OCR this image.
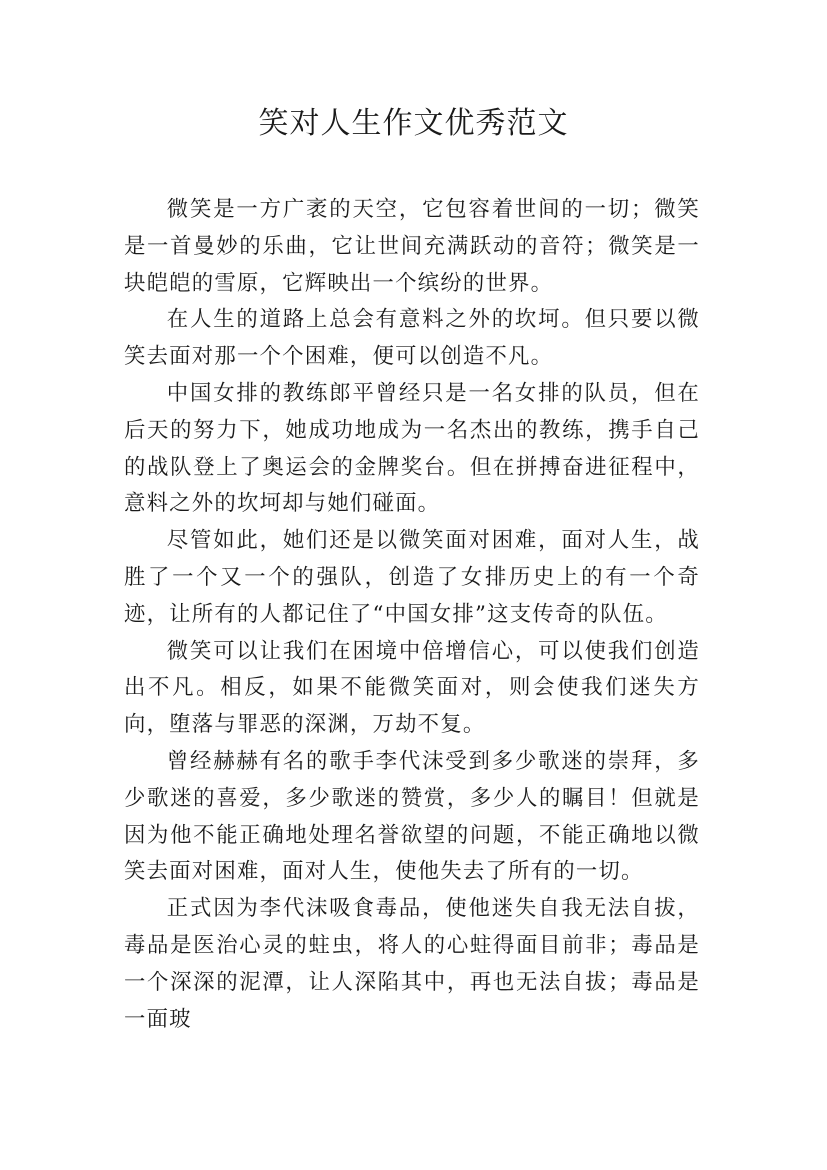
笑对人生作文优秀范文

微笑是一方广袤的天空，它包容着世间的一切；微笑是一首曼妙的乐曲，它让世间充满跃动的音符；微笑是一块皑皑的雪原，它辉映出一个缤纷的世界。

在人生的道路上总会有意料之外的坎坷。但只要以微笑去面对那一个个困难，便可以创造不凡。

中国女排的教练郎平曾经只是一名女排的队员，但在后天的努力下，她成功地成为一名杰出的教练，携手自己的战队登上了奥运会的金牌奖台。但在拼搏奋进征程中，意料之外的坎坷却与她们碰面。

尽管如此，她们还是以微笑面对困难，面对人生，战胜了一个又一个的强队，创造了女排历史上的有一个奇迹，让所有的人都记住了“中国女排”这支传奇的队伍。

微笑可以让我们在困境中倍增信心，可以使我们创造出不凡。相反，如果不能微笑面对，则会使我们迷失方向，堕落与罪恶的深渊，万劫不复。

曾经赫赫有名的歌手李代沫受到多少歌迷的崇拜，多少歌迷的喜爱，多少歌迷的赞赏，多少人的瞩目！但就是因为他不能正确地处理名誉欲望的问题，不能正确地以微笑去面对困难，面对人生，使他失去了所有的一切。

正式因为李代沫吸食毒品，使他迷失自我无法自拔，毒品是医治心灵的蛀虫，将人的心蛀得面目前非；毒品是一个深深的泥潭，让人深陷其中，再也无法自拔；毒品是一面玻
